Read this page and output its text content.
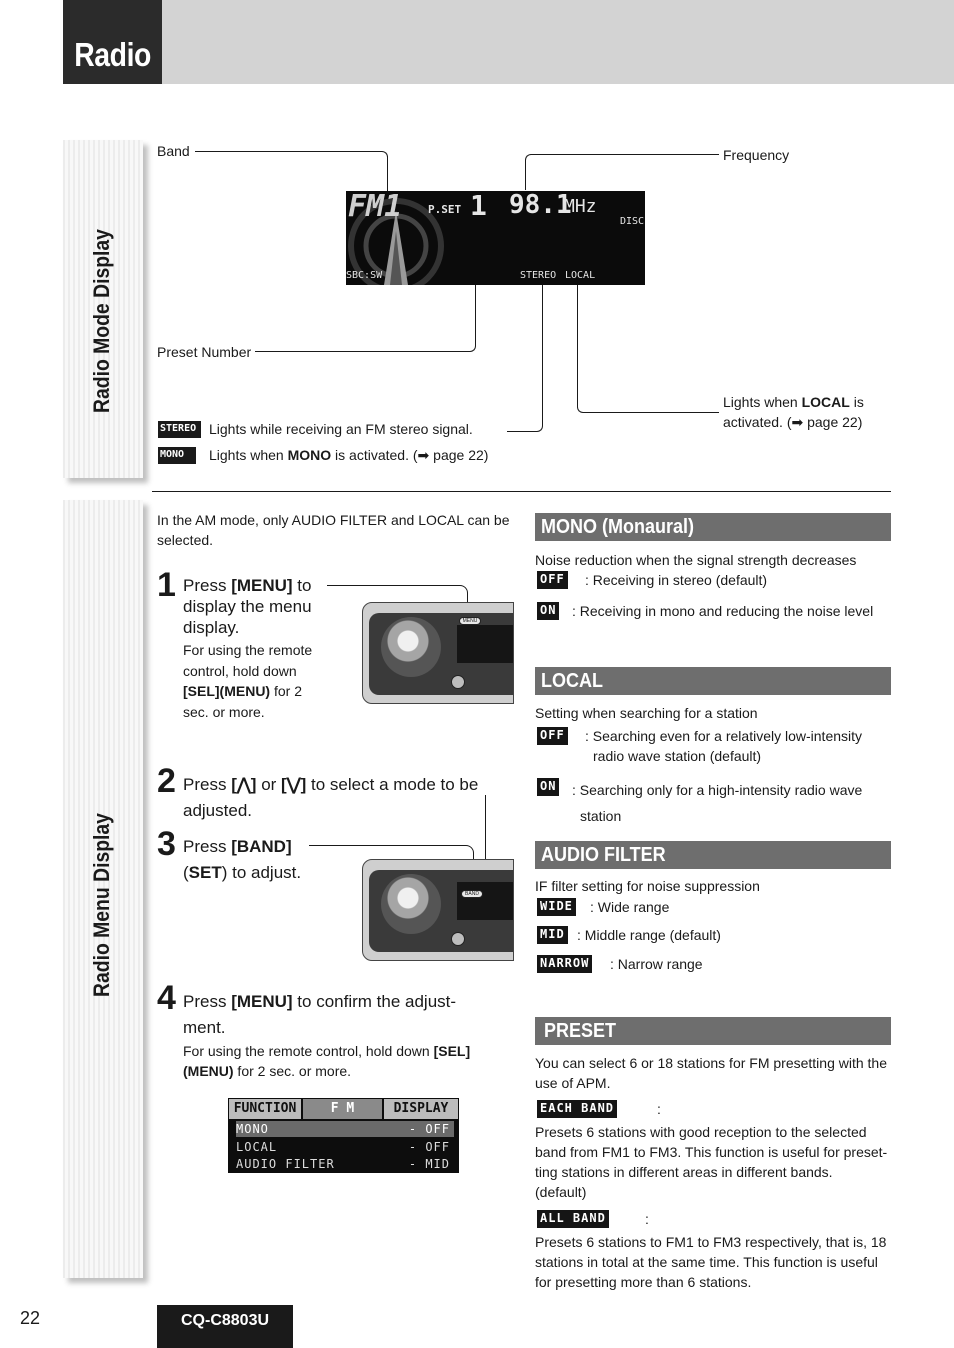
Radio
Radio Mode Display
Radio Menu Display
Band	Frequency
Preset Number
FM1 P.SET 1 98.1
MHz
DISC
SBC:SW	STEREO LOCAL
Lights when LOCAL is
activated. (➡ page 22)
STEREO Lights while receiving an FM stereo signal.
MONO	Lights when MONO is activated. (➡ page 22)
In the AM mode, only AUDIO FILTER and LOCAL can be selected.
1 Press [MENU] to
display the menu
display.
For using the remote
control, hold down
[SEL](MENU) for 2
sec. or more.
MENU
2 Press [⋀] or [⋁] to select a mode to be
adjusted.
3 Press [BAND]
(SET) to adjust.
BAND
4 Press [MENU] to confirm the adjust-
ment.
For using the remote control, hold down [SEL]
(MENU) for 2 sec. or more.
FUNCTION	F M	DISPLAY
MONO	- OFF
LOCAL	- OFF
AUDIO FILTER	- MID
MONO (Monaural)
Noise reduction when the signal strength decreases
OFF : Receiving in stereo (default)
ON : Receiving in mono and reducing the noise level
LOCAL
Setting when searching for a station
OFF : Searching even for a relatively low-intensity
radio wave station (default)
ON : Searching only for a high-intensity radio wave
station
AUDIO FILTER
IF filter setting for noise suppression
WIDE : Wide range
MID : Middle range (default)
NARROW : Narrow range
PRESET
You can select 6 or 18 stations for FM presetting with the
use of APM.
EACH BAND	:
Presets 6 stations with good reception to the selected
band from FM1 to FM3. This function is useful for preset-
ting stations in different areas in different bands.
(default)
ALL BAND	:
Presets 6 stations to FM1 to FM3 respectively, that is, 18
stations in total at the same time. This function is useful
for presetting more than 6 stations.
22	CQ-C8803U
